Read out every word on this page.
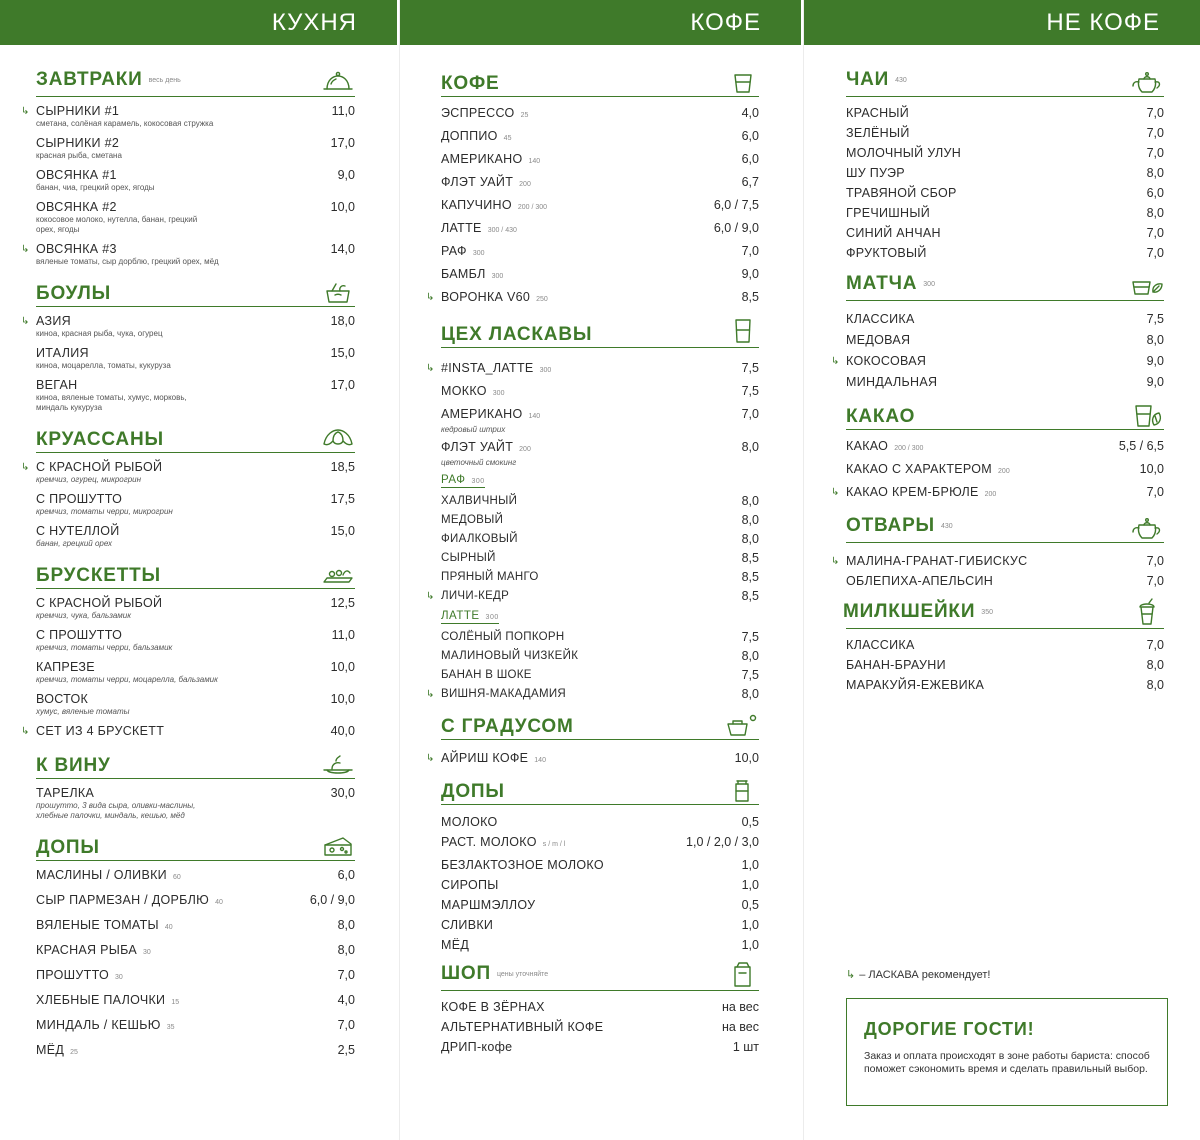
КУХНЯ
ЗАВТРАКИ весь день
↳ СЫРНИКИ #1
сметана, солёная карамель, кокосовая стружка
11,0
СЫРНИКИ #2
красная рыба, сметана
17,0
ОВСЯНКА #1
банан, чиа, грецкий орех, ягоды
9,0
ОВСЯНКА #2
кокосовое молоко, нутелла, банан, грецкий орех, ягоды
10,0
↳ ОВСЯНКА #3
вяленые томаты, сыр дорблю, грецкий орех, мёд
14,0
БОУЛЫ
↳ АЗИЯ
киноа, красная рыба, чука, огурец
18,0
ИТАЛИЯ
киноа, моцарелла, томаты, кукуруза
15,0
ВЕГАН
киноа, вяленые томаты, хумус, морковь, миндаль кукуруза
17,0
КРУАССАНЫ
↳ С КРАСНОЙ РЫБОЙ
кремчиз, огурец, микрогрин
18,5
С ПРОШУТТО
кремчиз, томаты черри, микрогрин
17,5
С НУТЕЛЛОЙ
банан, грецкий орех
15,0
БРУСКЕТТЫ
С КРАСНОЙ РЫБОЙ
кремчиз, чука, бальзамик
12,5
С ПРОШУТТО
кремчиз, томаты черри, бальзамик
11,0
КАПРЕЗЕ
кремчиз, томаты черри, моцарелла, бальзамик
10,0
ВОСТОК
хумус, вяленые томаты
10,0
↳ СЕТ ИЗ 4 БРУСКЕТТ	40,0
К ВИНУ
ТАРЕЛКА
прошутто, 3 вида сыра, оливки-маслины, хлебные палочки, миндаль, кешью, мёд
30,0
ДОПЫ
МАСЛИНЫ / ОЛИВКИ 60	6,0
СЫР ПАРМЕЗАН / ДОРБЛЮ 40	6,0 / 9,0
ВЯЛЕНЫЕ ТОМАТЫ 40	8,0
КРАСНАЯ РЫБА 30	8,0
ПРОШУТТО 30	7,0
ХЛЕБНЫЕ ПАЛОЧКИ 15	4,0
МИНДАЛЬ / КЕШЬЮ 35	7,0
МЁД 25	2,5
КОФЕ
КОФЕ
ЭСПРЕССО 25	4,0
ДОППИО 45	6,0
АМЕРИКАНО 140	6,0
ФЛЭТ УАЙТ 200	6,7
КАПУЧИНО 200 / 300	6,0 / 7,5
ЛАТТЕ 300 / 430	6,0 / 9,0
РАФ 300	7,0
БАМБЛ 300	9,0
↳ ВОРОНКА V60 250	8,5
ЦЕХ ЛАСКАВЫ
↳ #INSTA_ЛАТТЕ 300	7,5
МОККО 300	7,5
АМЕРИКАНО 140
кедровый штрих
7,0
ФЛЭТ УАЙТ 200
цветочный смокинг
8,0
РАФ 300
ХАЛВИЧНЫЙ	8,0
МЕДОВЫЙ	8,0
ФИАЛКОВЫЙ	8,0
СЫРНЫЙ	8,5
ПРЯНЫЙ МАНГО	8,5
↳ ЛИЧИ-КЕДР	8,5
ЛАТТЕ 300
СОЛЁНЫЙ ПОПКОРН	7,5
МАЛИНОВЫЙ ЧИЗКЕЙК	8,0
БАНАН В ШОКЕ	7,5
↳ ВИШНЯ-МАКАДАМИЯ	8,0
С ГРАДУСОМ
↳ АЙРИШ КОФЕ 140	10,0
ДОПЫ
МОЛОКО	0,5
РАСТ. МОЛОКО s / m / l	1,0 / 2,0 / 3,0
БЕЗЛАКТОЗНОЕ МОЛОКО	1,0
СИРОПЫ	1,0
МАРШМЭЛЛОУ	0,5
СЛИВКИ	1,0
МЁД	1,0
ШОП цены уточняйте
КОФЕ В ЗЁРНАХ	на вес
АЛЬТЕРНАТИВНЫЙ КОФЕ	на вес
ДРИП-кофе	1 шт
НЕ КОФЕ
ЧАИ 430
КРАСНЫЙ	7,0
ЗЕЛЁНЫЙ	7,0
МОЛОЧНЫЙ УЛУН	7,0
ШУ ПУЭР	8,0
ТРАВЯНОЙ СБОР	6,0
ГРЕЧИШНЫЙ	8,0
СИНИЙ АНЧАН	7,0
ФРУКТОВЫЙ	7,0
МАТЧА 300
КЛАССИКА	7,5
МЕДОВАЯ	8,0
↳ КОКОСОВАЯ	9,0
МИНДАЛЬНАЯ	9,0
КАКАО
КАКАО 200 / 300	5,5 / 6,5
КАКАО С ХАРАКТЕРОМ 200	10,0
↳ КАКАО КРЕМ-БРЮЛЕ 200	7,0
ОТВАРЫ 430
↳ МАЛИНА-ГРАНАТ-ГИБИСКУС	7,0
ОБЛЕПИХА-АПЕЛЬСИН	7,0
МИЛКШЕЙКИ 350
КЛАССИКА	7,0
БАНАН-БРАУНИ	8,0
МАРАКУЙЯ-ЕЖЕВИКА	8,0
↳ – ЛАСКАВА рекомендует!
ДОРОГИЕ ГОСТИ!
Заказ и оплата происходят в зоне работы бариста: способ поможет сэкономить время и сделать правильный выбор.
